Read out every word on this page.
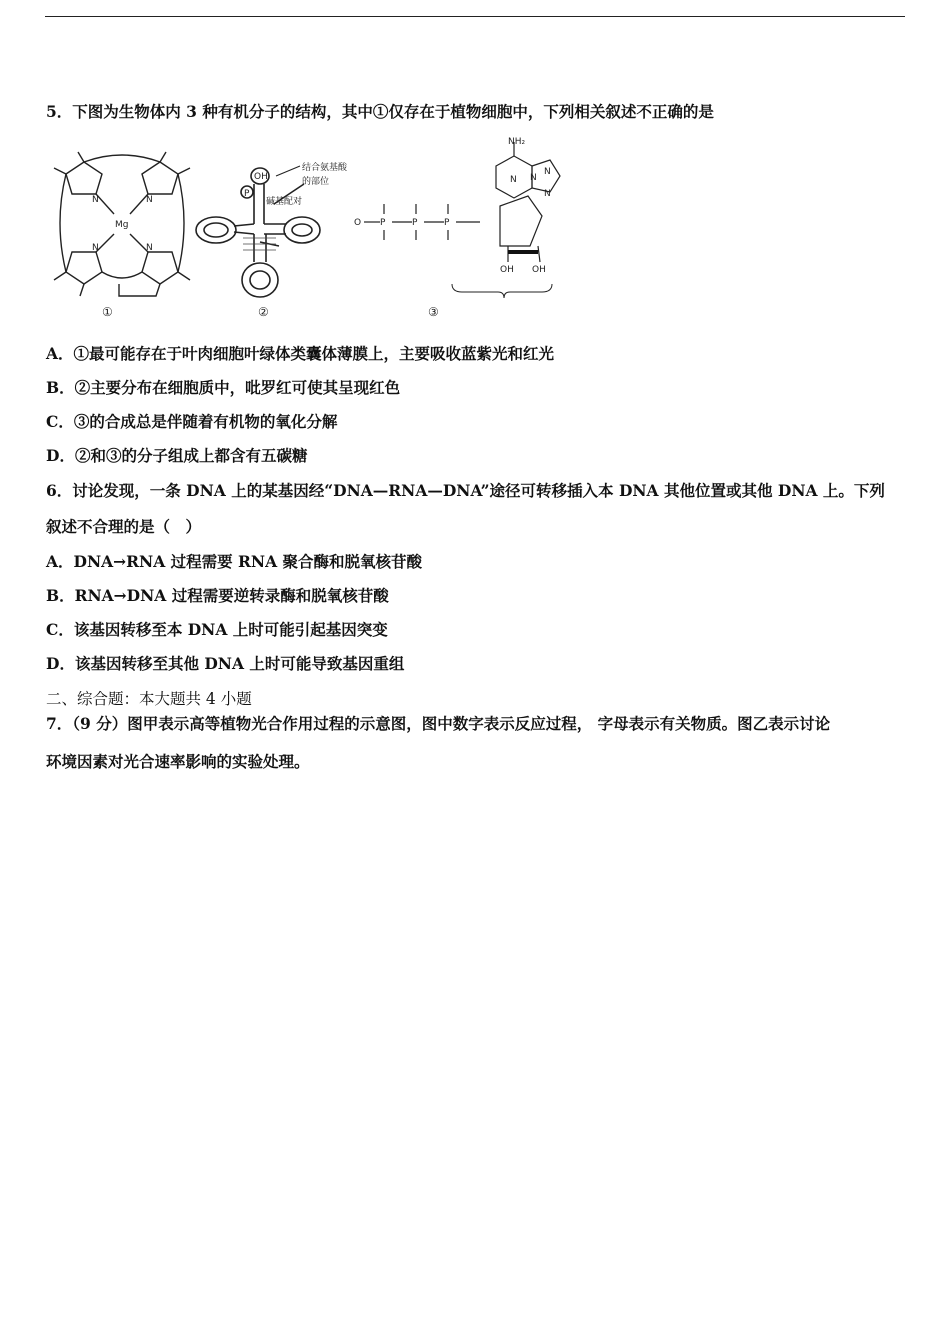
5．下图为生物体内 3 种有机分子的结构，其中①仅存在于植物细胞中，下列相关叙述不正确的是
N	N
N	N
Mg
①
OH
P
结合氨基酸
的部位
碱基配对
②
O P	P	P
NH₂
N N
N
N
OH OH
③
A．①最可能存在于叶肉细胞叶绿体类囊体薄膜上，主要吸收蓝紫光和红光
B．②主要分布在细胞质中，吡罗红可使其呈现红色
C．③的合成总是伴随着有机物的氧化分解
D．②和③的分子组成上都含有五碳糖
6．讨论发现，一条 DNA 上的某基因经“DNA—RNA—DNA”途径可转移插入本 DNA 其他位置或其他 DNA 上。下列
叙述不合理的是（　）
A．DNA→RNA 过程需要 RNA 聚合酶和脱氧核苷酸
B．RNA→DNA 过程需要逆转录酶和脱氧核苷酸
C．该基因转移至本 DNA 上时可能引起基因突变
D．该基因转移至其他 DNA 上时可能导致基因重组
二、综合题：本大题共 4 小题
7．（9 分）图甲表示高等植物光合作用过程的示意图，图中数字表示反应过程， 字母表示有关物质。图乙表示讨论
环境因素对光合速率影响的实验处理。
